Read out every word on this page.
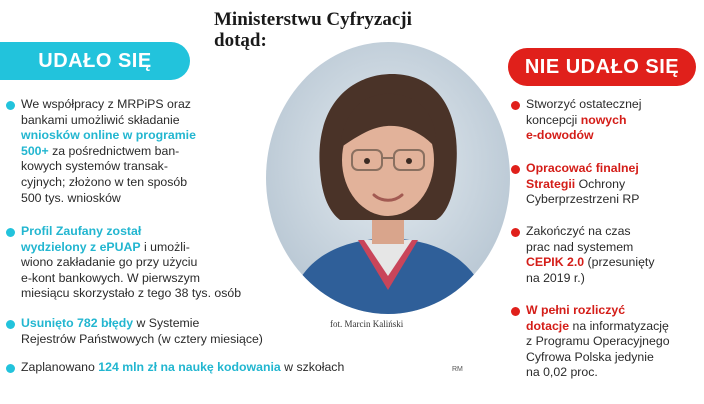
Ministerstwu Cyfryzacji
dotąd:
UDAŁO SIĘ	NIE UDAŁO SIĘ
fot. Marcin Kaliński
RM
We współpracy z MRPiPS oraz
bankami umożliwić składanie
wniosków online w programie
500+ za pośrednictwem ban-
kowych systemów transak-
cyjnych; złożono w ten sposób
500 tys. wniosków
Profil Zaufany został
wydzielony z ePUAP i umożli-
wiono zakładanie go przy użyciu
e-kont bankowych. W pierwszym
miesiącu skorzystało z tego 38 tys. osób
Usunięto 782 błędy w Systemie
Rejestrów Państwowych (w cztery miesiące)
Zaplanowano 124 mln zł na naukę kodowania w szkołach
Stworzyć ostatecznej
koncepcji nowych
e-dowodów
Opracować finalnej
Strategii Ochrony
Cyberprzestrzeni RP
Zakończyć na czas
prac nad systemem
CEPIK 2.0 (przesunięty
na 2019 r.)
W pełni rozliczyć
dotacje na informatyzację
z Programu Operacyjnego
Cyfrowa Polska jedynie
na 0,02 proc.
